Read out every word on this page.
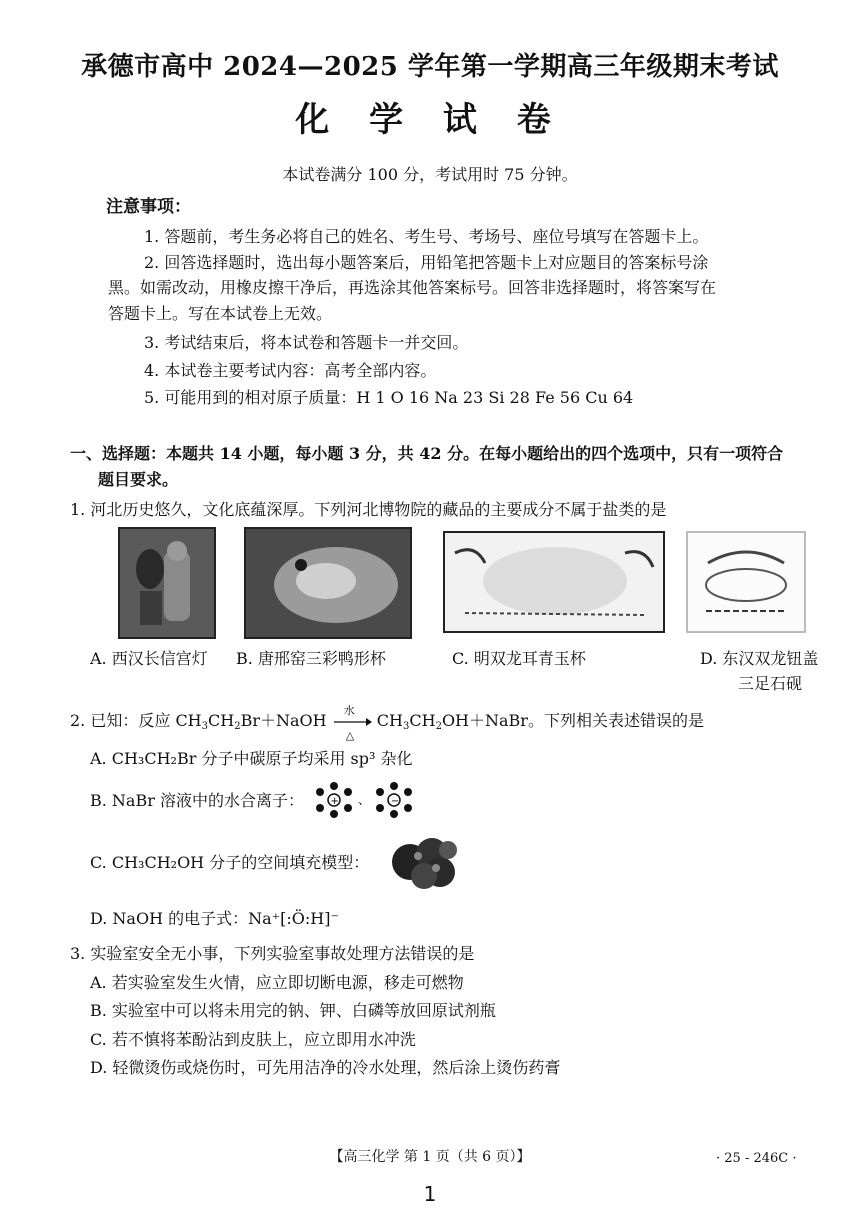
承德市高中 2024—2025 学年第一学期高三年级期末考试
化 学 试 卷
本试卷满分 100 分，考试用时 75 分钟。
注意事项：
1. 答题前，考生务必将自己的姓名、考生号、考场号、座位号填写在答题卡上。
2. 回答选择题时，选出每小题答案后，用铅笔把答题卡上对应题目的答案标号涂
黑。如需改动，用橡皮擦干净后，再选涂其他答案标号。回答非选择题时，将答案写在
答题卡上。写在本试卷上无效。
3. 考试结束后，将本试卷和答题卡一并交回。
4. 本试卷主要考试内容：高考全部内容。
5. 可能用到的相对原子质量：H 1 O 16 Na 23 Si 28 Fe 56 Cu 64
一、选择题：本题共 14 小题，每小题 3 分，共 42 分。在每小题给出的四个选项中，只有一项符合
题目要求。
1. 河北历史悠久，文化底蕴深厚。下列河北博物院的藏品的主要成分不属于盐类的是
A. 西汉长信宫灯 B. 唐邢窑三彩鸭形杯	C. 明双龙耳青玉杯	D. 东汉双龙钮盖
三足石砚
2. 已知：反应 $CH_3CH_2Br+NaOH$
水
△
$CH_3CH_2OH+NaBr$。下列相关表述错误的是
A. CH₃CH₂Br 分子中碳原子均采用 sp³ 杂化
B. NaBr 溶液中的水合离子：	+ 、 −
C. CH₃CH₂OH 分子的空间填充模型：
D. NaOH 的电子式：Na⁺[:Ö:H]⁻
3. 实验室安全无小事，下列实验室事故处理方法错误的是
A. 若实验室发生火情，应立即切断电源，移走可燃物
B. 实验室中可以将未用完的钠、钾、白磷等放回原试剂瓶
C. 若不慎将苯酚沾到皮肤上，应立即用水冲洗
D. 轻微烫伤或烧伤时，可先用洁净的冷水处理，然后涂上烫伤药膏
【高三化学 第 1 页（共 6 页）】	· 25 - 246C ·
1
